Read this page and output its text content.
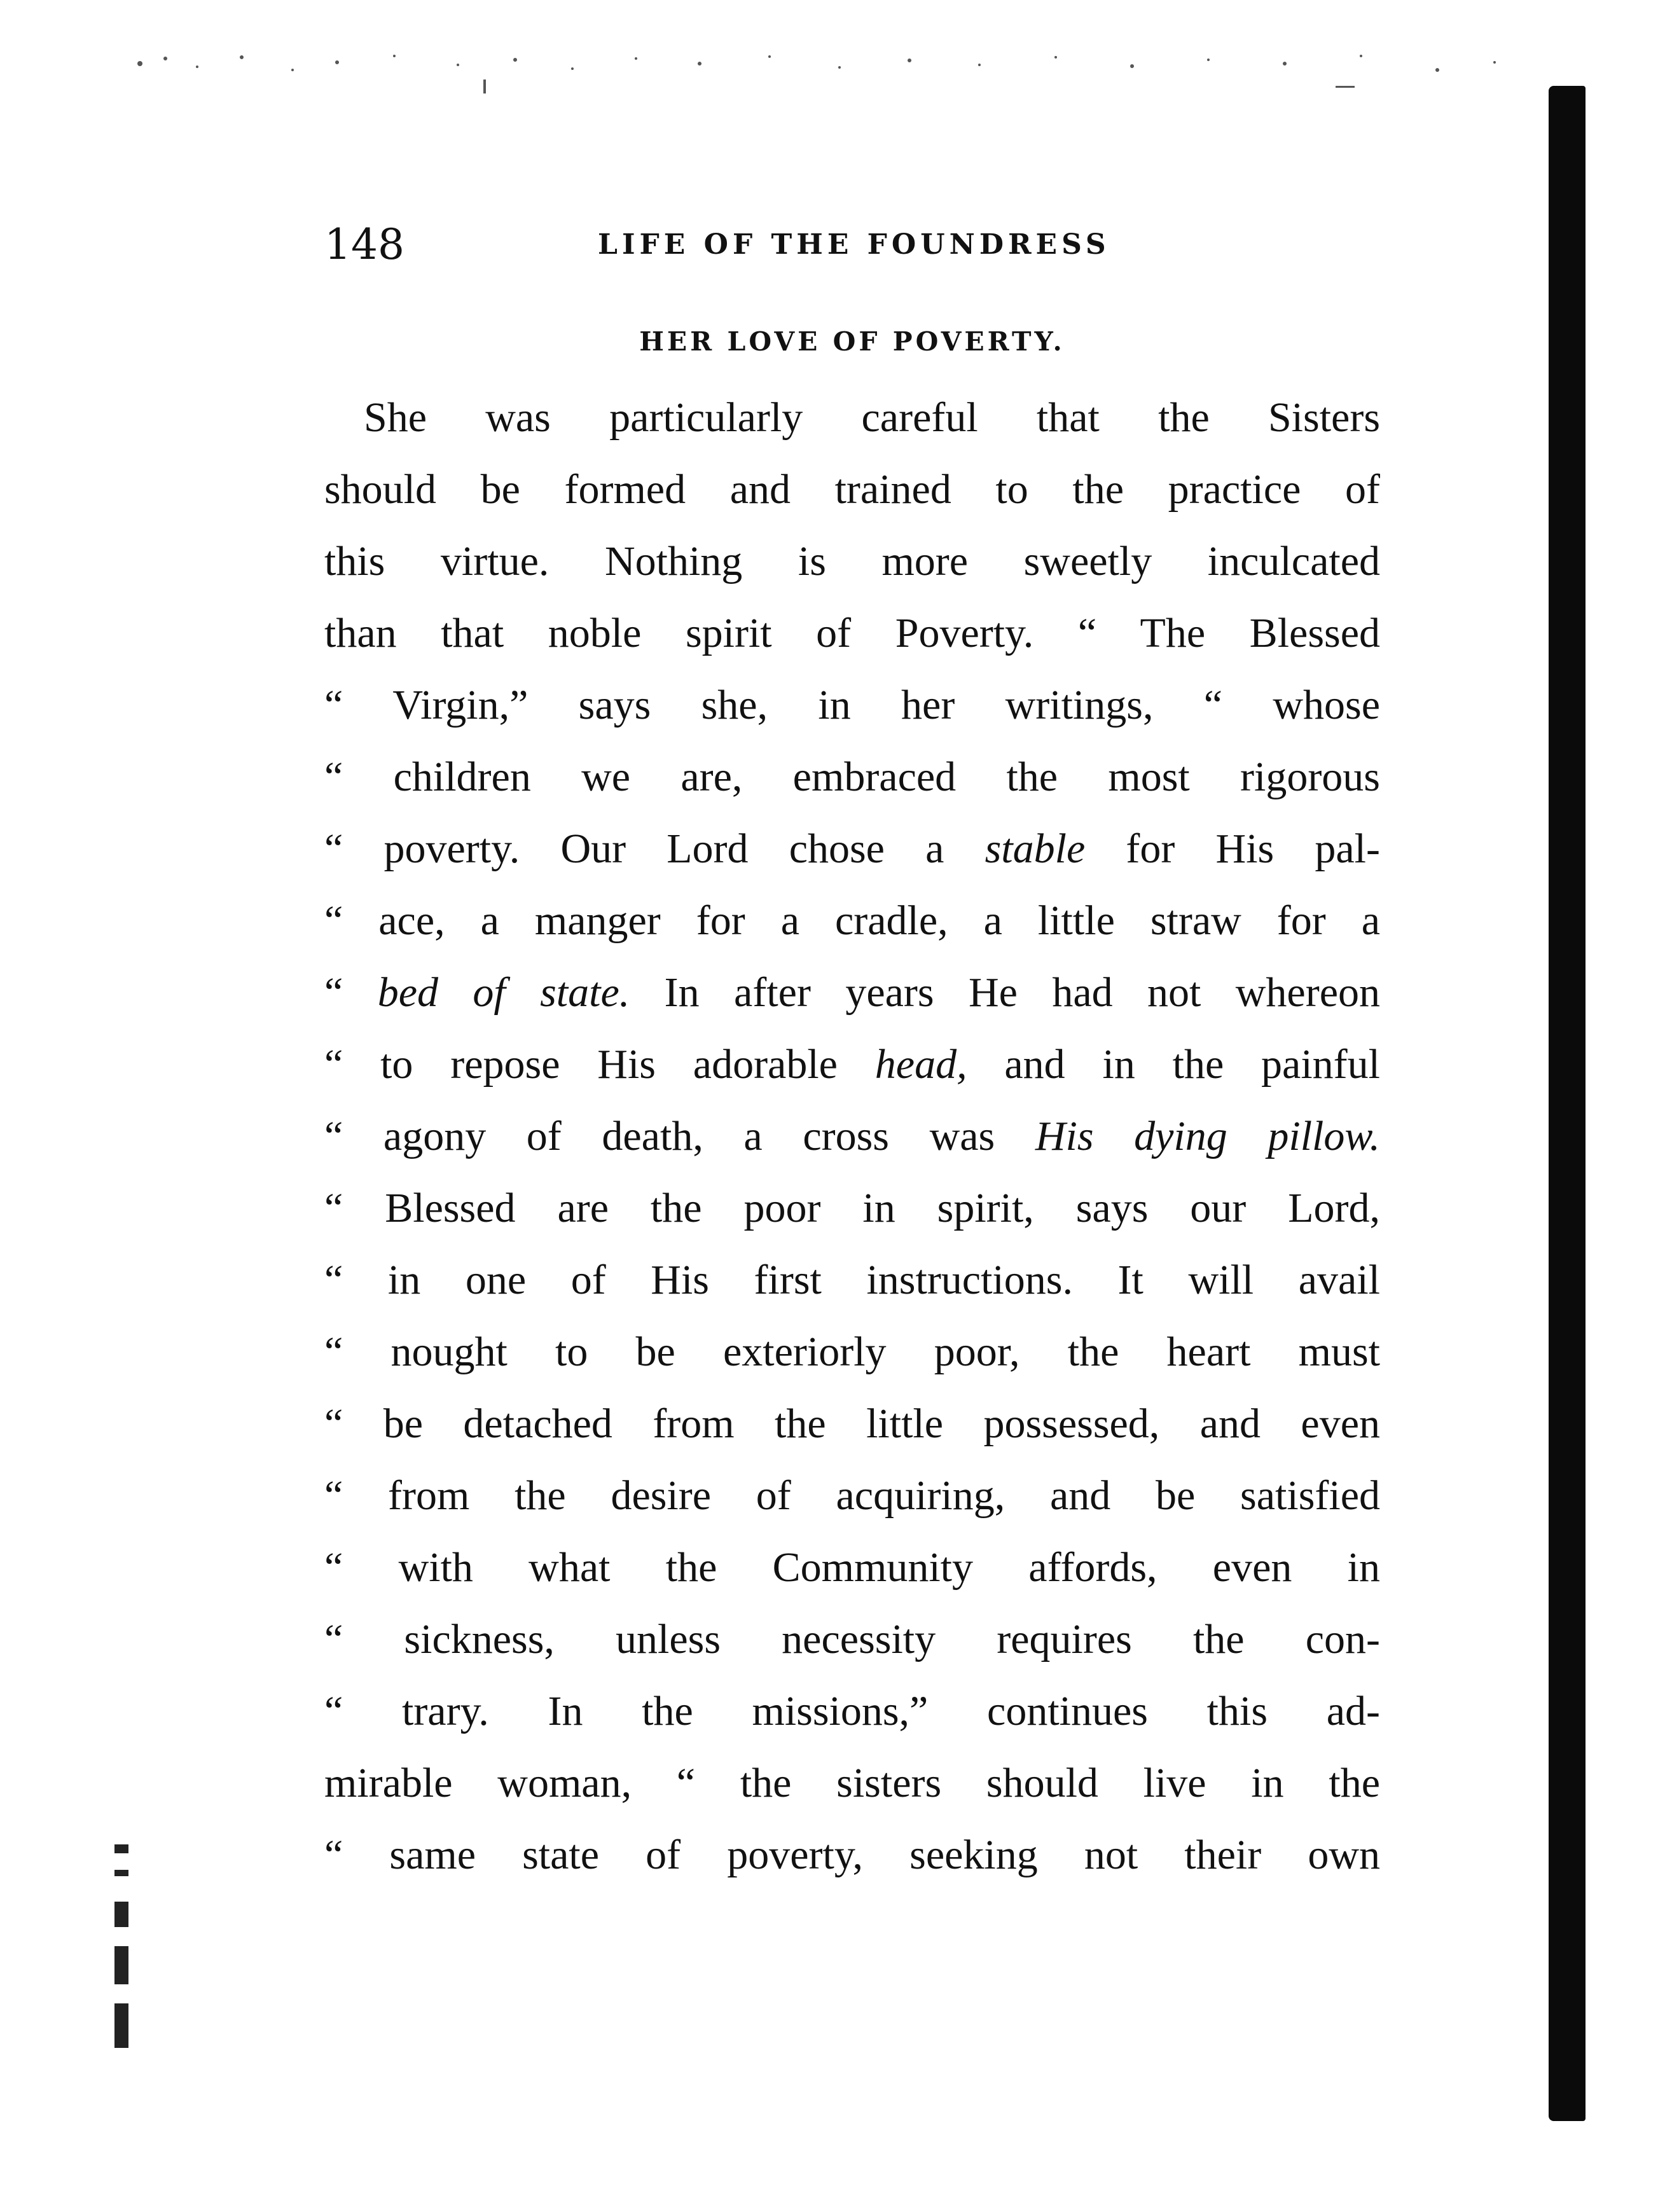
148	LIFE OF THE FOUNDRESS
HER LOVE OF POVERTY.
She was particularly careful that the Sisters
should be formed and trained to the practice of
this virtue. Nothing is more sweetly inculcated
than that noble spirit of Poverty. “ The Blessed
“ Virgin,” says she, in her writings, “ whose
“ children we are, embraced the most rigorous
“ poverty. Our Lord chose a stable for His pal-
“ ace, a manger for a cradle, a little straw for a
“ bed of state. In after years He had not whereon
“ to repose His adorable head, and in the painful
“ agony of death, a cross was His dying pillow.
“ Blessed are the poor in spirit, says our Lord,
“ in one of His first instructions. It will avail
“ nought to be exteriorly poor, the heart must
“ be detached from the little possessed, and even
“ from the desire of acquiring, and be satisfied
“ with what the Community affords, even in
“ sickness, unless necessity requires the con-
“ trary. In the missions,” continues this ad-
mirable woman, “ the sisters should live in the
“ same state of poverty, seeking not their own
